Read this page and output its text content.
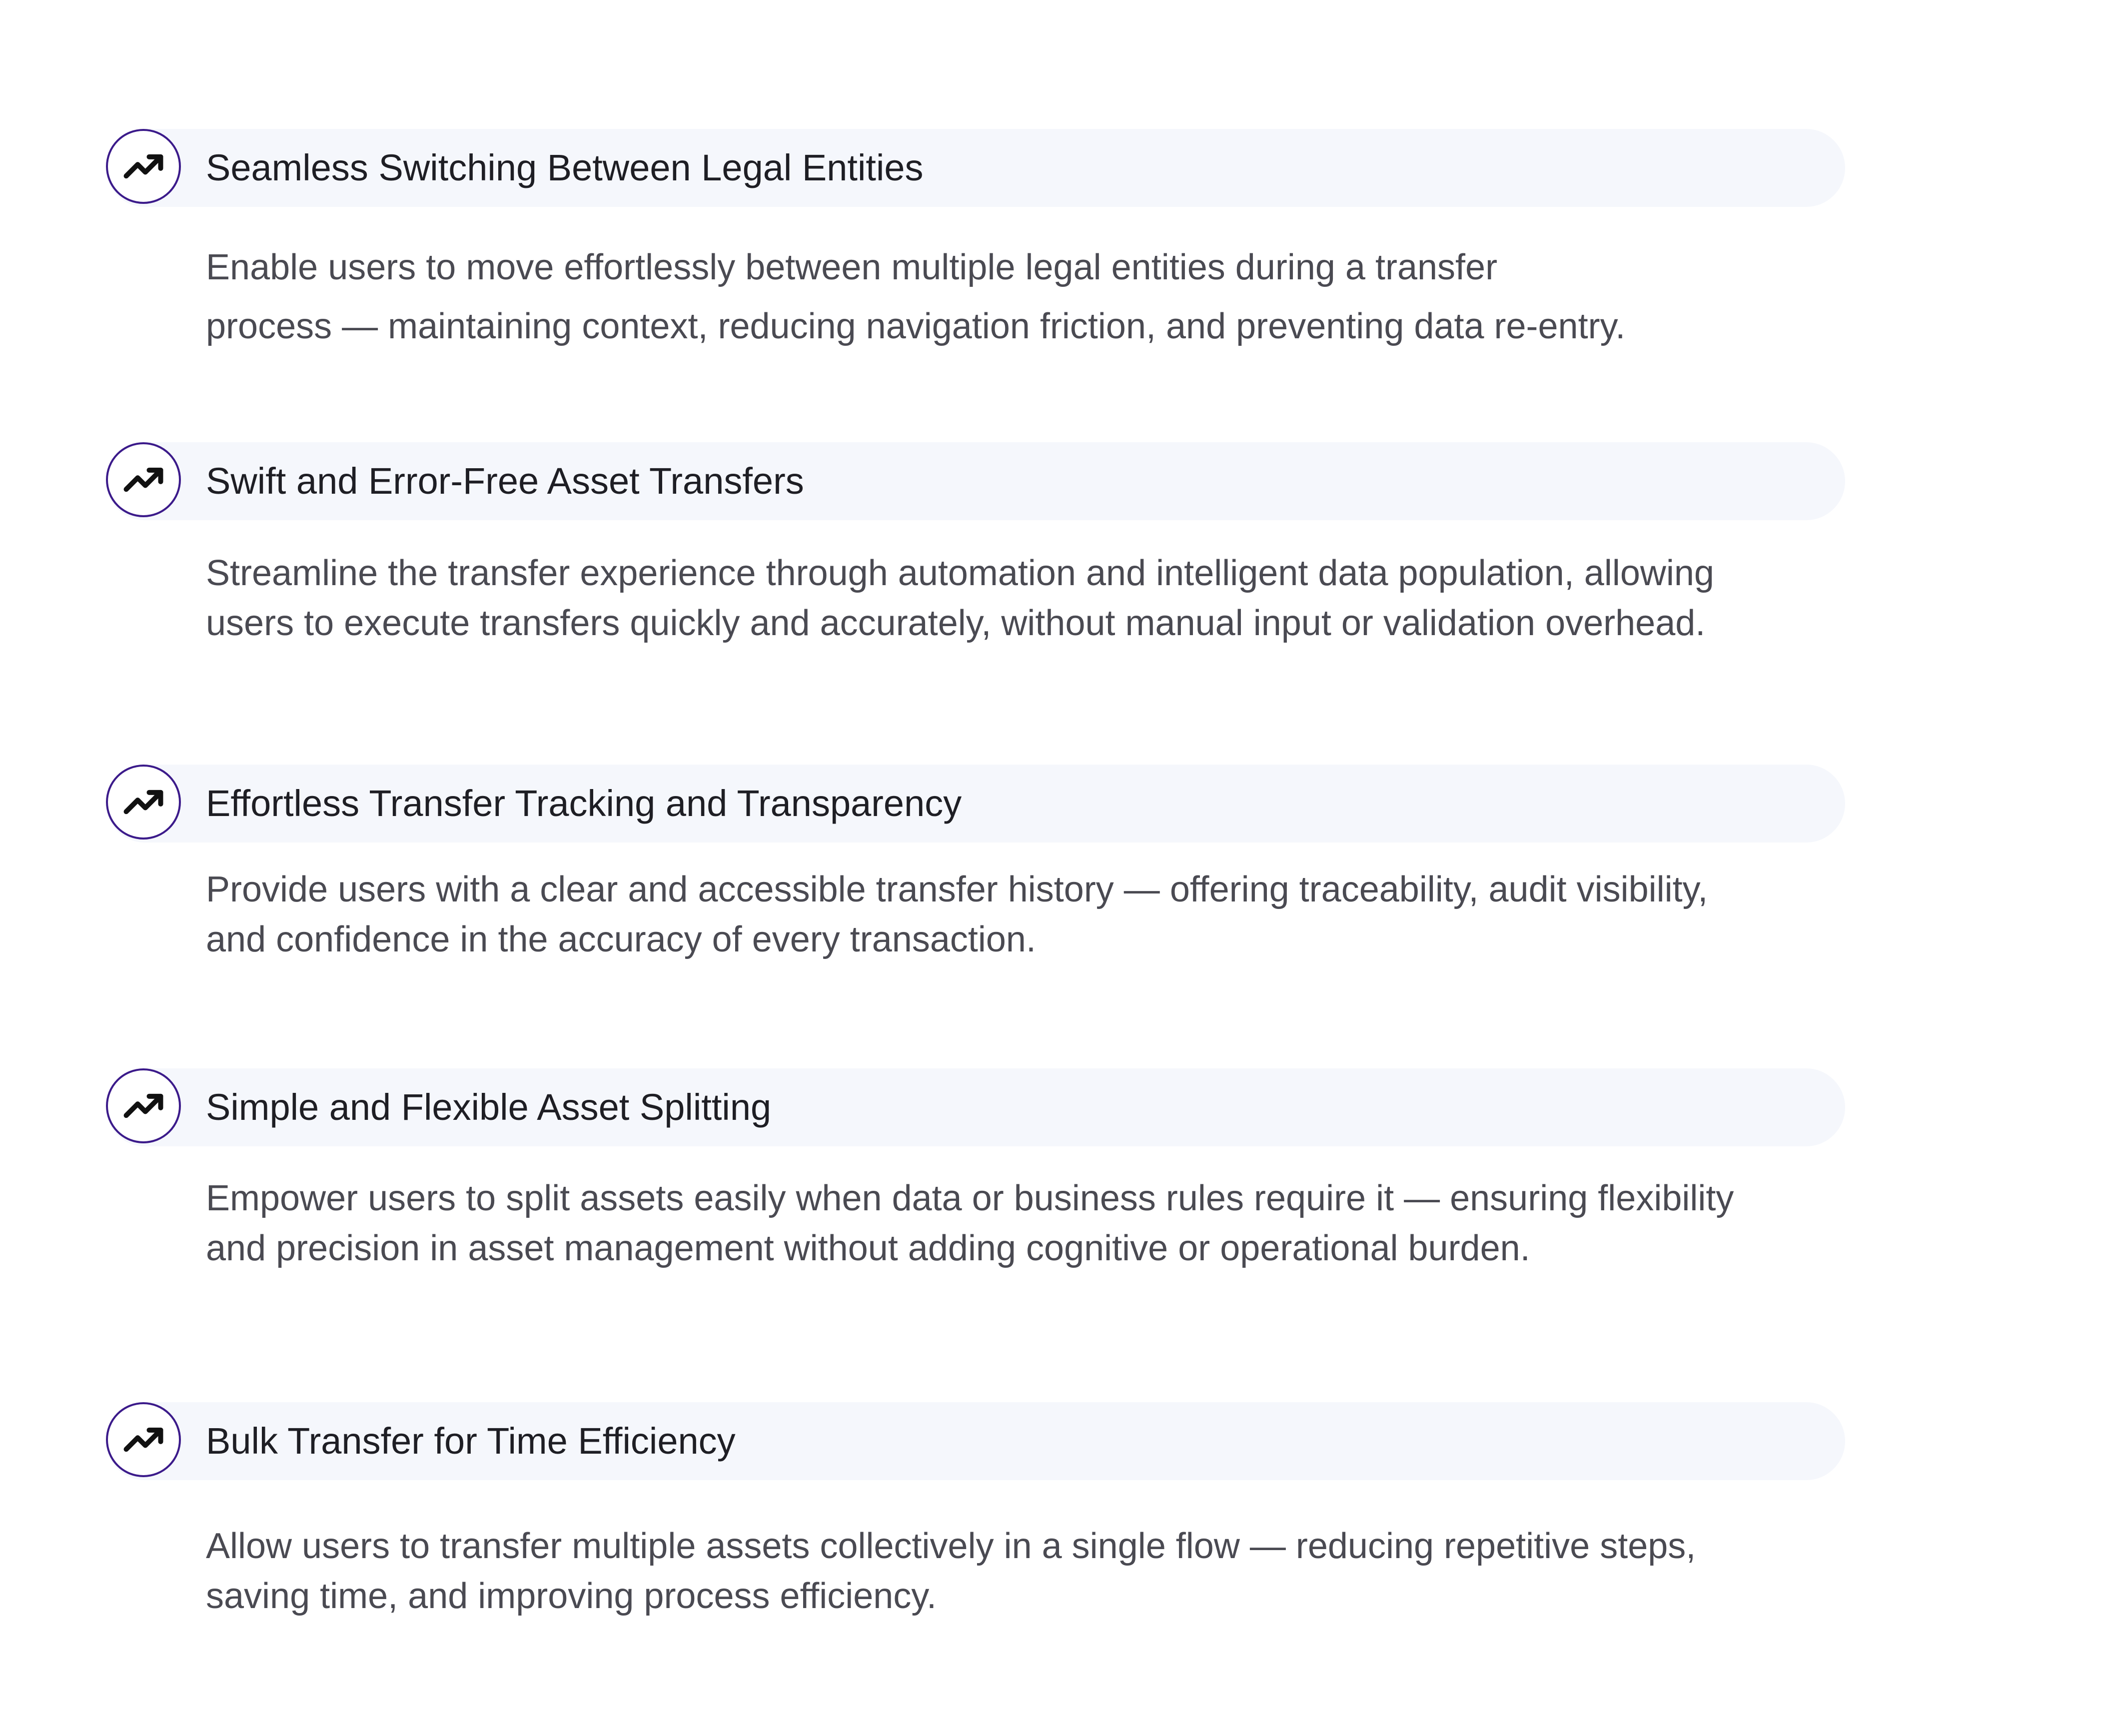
Seamless Switching Between Legal Entities
Enable users to move effortlessly between multiple legal entities during a transfer
process — maintaining context, reducing navigation friction, and preventing data re-entry.
Swift and Error-Free Asset Transfers
Streamline the transfer experience through automation and intelligent data population, allowing
users to execute transfers quickly and accurately, without manual input or validation overhead.
Effortless Transfer Tracking and Transparency
Provide users with a clear and accessible transfer history — offering traceability, audit visibility,
and confidence in the accuracy of every transaction.
Simple and Flexible Asset Splitting
Empower users to split assets easily when data or business rules require it — ensuring flexibility
and precision in asset management without adding cognitive or operational burden.
Bulk Transfer for Time Efficiency
Allow users to transfer multiple assets collectively in a single flow — reducing repetitive steps,
saving time, and improving process efficiency.
